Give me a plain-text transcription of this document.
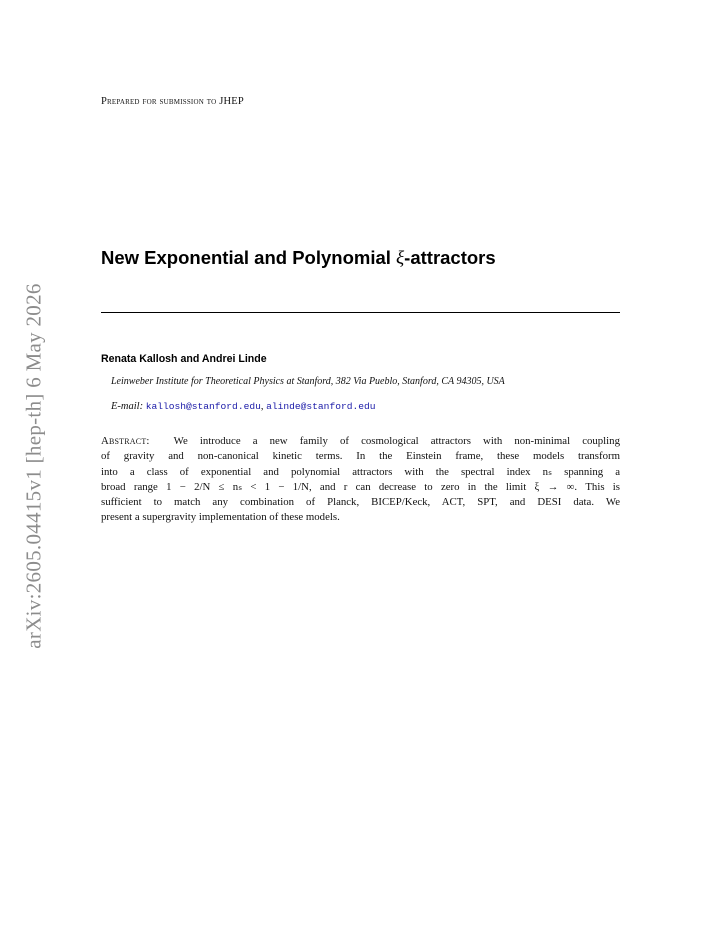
arXiv:2605.04415v1 [hep-th] 6 May 2026
Prepared for submission to JHEP
New Exponential and Polynomial ξ-attractors
Renata Kallosh and Andrei Linde
Leinweber Institute for Theoretical Physics at Stanford, 382 Via Pueblo, Stanford, CA 94305, USA
E-mail: kallosh@stanford.edu, alinde@stanford.edu
Abstract: We introduce a new family of cosmological attractors with non-minimal coupling
of gravity and non-canonical kinetic terms. In the Einstein frame, these models transform
into a class of exponential and polynomial attractors with the spectral index nₛ spanning a
broad range 1 − 2/N ≤ nₛ < 1 − 1/N, and r can decrease to zero in the limit ξ → ∞. This is
sufficient to match any combination of Planck, BICEP/Keck, ACT, SPT, and DESI data. We
present a supergravity implementation of these models.
